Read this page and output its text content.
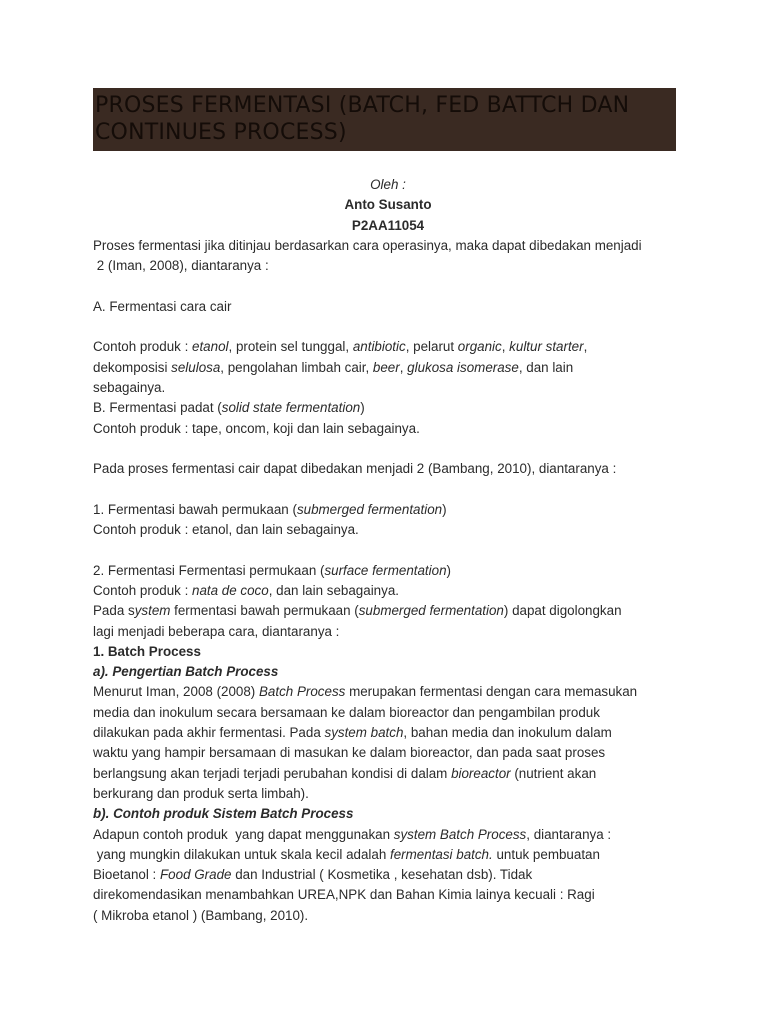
PROSES FERMENTASI (BATCH, FED BATTCH DAN CONTINUES PROCESS)
Oleh :
Anto Susanto
P2AA11054
Proses fermentasi jika ditinjau berdasarkan cara operasinya, maka dapat dibedakan menjadi
2 (Iman, 2008), diantaranya :
A. Fermentasi cara cair
Contoh produk : etanol, protein sel tunggal, antibiotic, pelarut organic, kultur starter,
dekomposisi selulosa, pengolahan limbah cair, beer, glukosa isomerase, dan lain
sebagainya.
B. Fermentasi padat (solid state fermentation)
Contoh produk : tape, oncom, koji dan lain sebagainya.
Pada proses fermentasi cair dapat dibedakan menjadi 2 (Bambang, 2010), diantaranya :
1. Fermentasi bawah permukaan (submerged fermentation)
Contoh produk : etanol, dan lain sebagainya.
2. Fermentasi Fermentasi permukaan (surface fermentation)
Contoh produk : nata de coco, dan lain sebagainya.
Pada system fermentasi bawah permukaan (submerged fermentation) dapat digolongkan
lagi menjadi beberapa cara, diantaranya :
1. Batch Process
a). Pengertian Batch Process
Menurut Iman, 2008 (2008) Batch Process merupakan fermentasi dengan cara memasukan
media dan inokulum secara bersamaan ke dalam bioreactor dan pengambilan produk
dilakukan pada akhir fermentasi. Pada system batch, bahan media dan inokulum dalam
waktu yang hampir bersamaan di masukan ke dalam bioreactor, dan pada saat proses
berlangsung akan terjadi terjadi perubahan kondisi di dalam bioreactor (nutrient akan
berkurang dan produk serta limbah).
b). Contoh produk Sistem Batch Process
Adapun contoh produk  yang dapat menggunakan system Batch Process, diantaranya :
yang mungkin dilakukan untuk skala kecil adalah fermentasi batch. untuk pembuatan
Bioetanol : Food Grade dan Industrial ( Kosmetika , kesehatan dsb). Tidak
direkomendasikan menambahkan UREA,NPK dan Bahan Kimia lainya kecuali : Ragi
( Mikroba etanol ) (Bambang, 2010).
